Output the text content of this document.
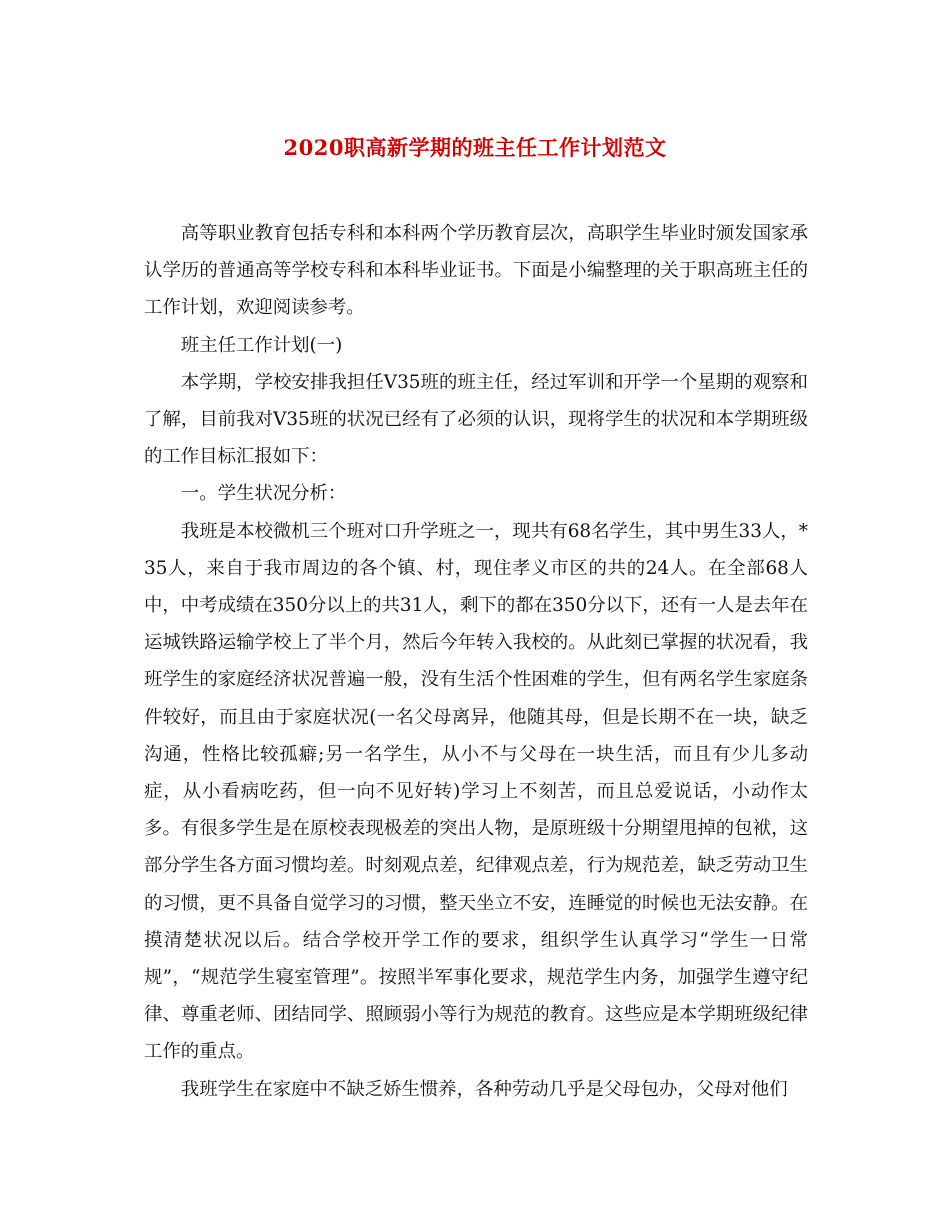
2020职高新学期的班主任工作计划范文

高等职业教育包括专科和本科两个学历教育层次，高职学生毕业时颁发国家承认学历的普通高等学校专科和本科毕业证书。下面是小编整理的关于职高班主任的工作计划，欢迎阅读参考。

班主任工作计划(一)

本学期，学校安排我担任V35班的班主任，经过军训和开学一个星期的观察和了解，目前我对V35班的状况已经有了必须的认识，现将学生的状况和本学期班级的工作目标汇报如下：

一。学生状况分析：

我班是本校微机三个班对口升学班之一，现共有68名学生，其中男生33人，*35人，来自于我市周边的各个镇、村，现住孝义市区的共的24人。在全部68人中，中考成绩在350分以上的共31人，剩下的都在350分以下，还有一人是去年在运城铁路运输学校上了半个月，然后今年转入我校的。从此刻已掌握的状况看，我班学生的家庭经济状况普遍一般，没有生活个性困难的学生，但有两名学生家庭条件较好，而且由于家庭状况(一名父母离异，他随其母，但是长期不在一块，缺乏沟通，性格比较孤癖;另一名学生，从小不与父母在一块生活，而且有少儿多动症，从小看病吃药，但一向不见好转)学习上不刻苦，而且总爱说话，小动作太多。有很多学生是在原校表现极差的突出人物，是原班级十分期望甩掉的包袱，这部分学生各方面习惯均差。时刻观点差，纪律观点差，行为规范差，缺乏劳动卫生的习惯，更不具备自觉学习的习惯，整天坐立不安，连睡觉的时候也无法安静。在摸清楚状况以后。结合学校开学工作的要求，组织学生认真学习“学生一日常规”，“规范学生寝室管理”。按照半军事化要求，规范学生内务，加强学生遵守纪律、尊重老师、团结同学、照顾弱小等行为规范的教育。这些应是本学期班级纪律工作的重点。

我班学生在家庭中不缺乏娇生惯养，各种劳动几乎是父母包办，父母对他们
